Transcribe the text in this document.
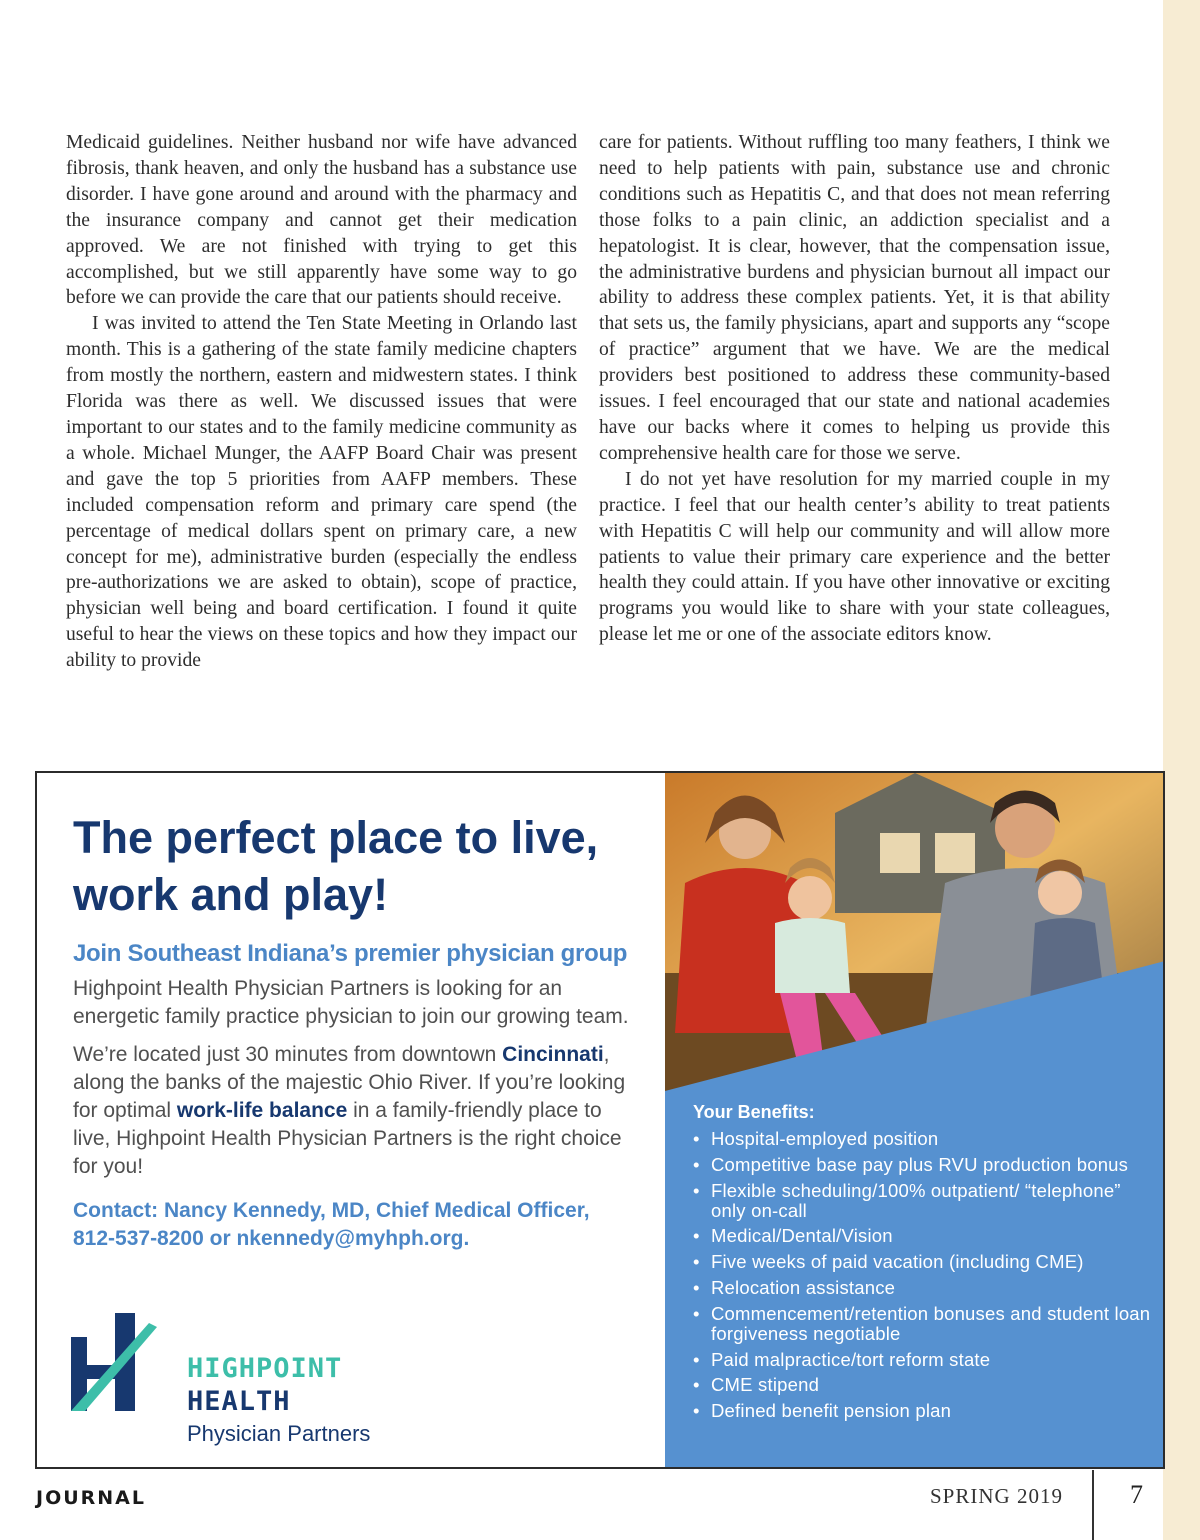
Medicaid guidelines. Neither husband nor wife have advanced fibrosis, thank heaven, and only the husband has a substance use disorder. I have gone around and around with the pharmacy and the insurance company and cannot get their medication approved. We are not finished with trying to get this accomplished, but we still apparently have some way to go before we can provide the care that our patients should receive.

I was invited to attend the Ten State Meeting in Orlando last month. This is a gathering of the state family medicine chapters from mostly the northern, eastern and midwestern states. I think Florida was there as well. We discussed issues that were important to our states and to the family medicine community as a whole. Michael Munger, the AAFP Board Chair was present and gave the top 5 priorities from AAFP members. These included compensation reform and primary care spend (the percentage of medical dollars spent on primary care, a new concept for me), administrative burden (especially the endless pre-authorizations we are asked to obtain), scope of practice, physician well being and board certification. I found it quite useful to hear the views on these topics and how they impact our ability to provide

care for patients. Without ruffling too many feathers, I think we need to help patients with pain, substance use and chronic conditions such as Hepatitis C, and that does not mean referring those folks to a pain clinic, an addiction specialist and a hepatologist. It is clear, however, that the compensation issue, the administrative burdens and physician burnout all impact our ability to address these complex patients. Yet, it is that ability that sets us, the family physicians, apart and supports any “scope of practice” argument that we have. We are the medical providers best positioned to address these community-based issues. I feel encouraged that our state and national academies have our backs where it comes to helping us provide this comprehensive health care for those we serve.

I do not yet have resolution for my married couple in my practice. I feel that our health center’s ability to treat patients with Hepatitis C will help our community and will allow more patients to value their primary care experience and the better health they could attain. If you have other innovative or exciting programs you would like to share with your state colleagues, please let me or one of the associate editors know.

The perfect place to live, work and play!
Join Southeast Indiana’s premier physician group

Highpoint Health Physician Partners is looking for an energetic family practice physician to join our growing team.

We’re located just 30 minutes from downtown Cincinnati, along the banks of the majestic Ohio River. If you’re looking for optimal work-life balance in a family-friendly place to live, Highpoint Health Physician Partners is the right choice for you!

Contact: Nancy Kennedy, MD, Chief Medical Officer, 812-537-8200 or nkennedy@myhph.org.

HIGHPOINT
HEALTH
Physician Partners
Your Benefits:
• Hospital-employed position
• Competitive base pay plus RVU production bonus
• Flexible scheduling/100% outpatient/ “telephone” only on-call
• Medical/Dental/Vision
• Five weeks of paid vacation (including CME)
• Relocation assistance
• Commencement/retention bonuses and student loan forgiveness negotiable
• Paid malpractice/tort reform state
• CME stipend
• Defined benefit pension plan
JOURNAL	SPRING 2019	7
